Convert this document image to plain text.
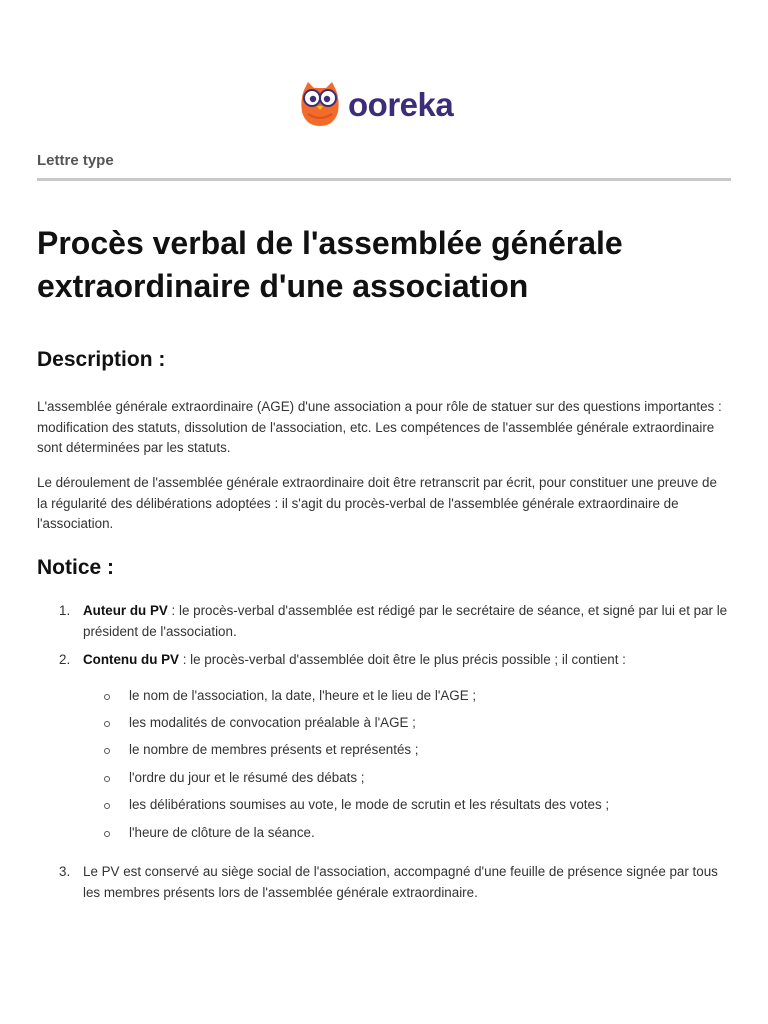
ooreka
Lettre type
Procès verbal de l'assemblée générale extraordinaire d'une association
Description :

L'assemblée générale extraordinaire (AGE) d'une association a pour rôle de statuer sur des questions importantes : modification des statuts, dissolution de l'association, etc. Les compétences de l'assemblée générale extraordinaire sont déterminées par les statuts.

Le déroulement de l'assemblée générale extraordinaire doit être retranscrit par écrit, pour constituer une preuve de la régularité des délibérations adoptées : il s'agit du procès-verbal de l'assemblée générale extraordinaire de l'association.

Notice :
1. Auteur du PV : le procès-verbal d'assemblée est rédigé par le secrétaire de séance, et signé par lui et par le président de l'association.
2. Contenu du PV : le procès-verbal d'assemblée doit être le plus précis possible ; il contient :
le nom de l'association, la date, l'heure et le lieu de l'AGE ;
les modalités de convocation préalable à l'AGE ;
le nombre de membres présents et représentés ;
l'ordre du jour et le résumé des débats ;
les délibérations soumises au vote, le mode de scrutin et les résultats des votes ;
l'heure de clôture de la séance.
3. Le PV est conservé au siège social de l'association, accompagné d'une feuille de présence signée par tous les membres présents lors de l'assemblée générale extraordinaire.
